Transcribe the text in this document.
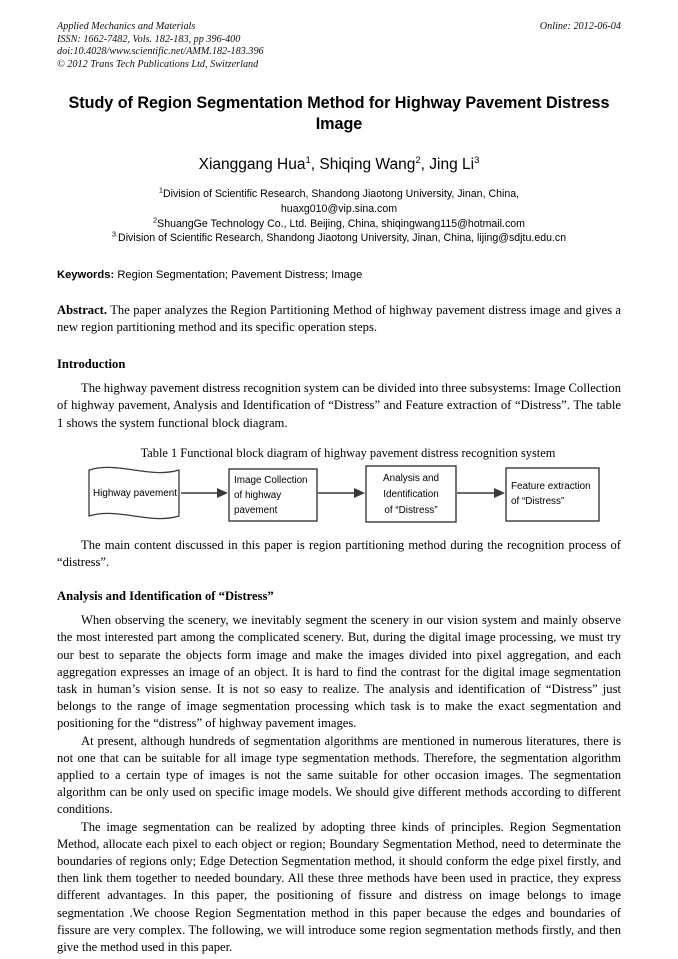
Applied Mechanics and Materials
ISSN: 1662-7482, Vols. 182-183, pp 396-400
doi:10.4028/www.scientific.net/AMM.182-183.396
© 2012 Trans Tech Publications Ltd, Switzerland
Online: 2012-06-04
Study of Region Segmentation Method for Highway Pavement Distress Image
Xianggang Hua$^1$, Shiqing Wang$^2$, Jing Li$^3$
$^1$Division of Scientific Research, Shandong Jiaotong University, Jinan, China,
huaxg010@vip.sina.com
$^2$ShuangGe Technology Co., Ltd. Beijing, China, shiqingwang115@hotmail.com
$^{3.}$Division of Scientific Research, Shandong Jiaotong University, Jinan, China, lijing@sdjtu.edu.cn
Keywords: Region Segmentation; Pavement Distress; Image
Abstract. The paper analyzes the Region Partitioning Method of highway pavement distress image and gives a new region partitioning method and its specific operation steps.
Introduction

The highway pavement distress recognition system can be divided into three subsystems: Image Collection of highway pavement, Analysis and Identification of “Distress” and Feature extraction of “Distress”. The table 1 shows the system functional block diagram.

Table 1 Functional block diagram of highway pavement distress recognition system
Highway pavement
Image Collection
of highway
pavement
Analysis and
Identification
of “Distress”
Feature extraction
of “Distress”

The main content discussed in this paper is region partitioning method during the recognition process of “distress”.

Analysis and Identification of “Distress”

When observing the scenery, we inevitably segment the scenery in our vision system and mainly observe the most interested part among the complicated scenery. But, during the digital image processing, we must try our best to separate the objects form image and make the images divided into pixel aggregation, and each aggregation expresses an image of an object. It is hard to find the contrast for the digital image segmentation task in human’s vision sense. It is not so easy to realize. The analysis and identification of “Distress” just belongs to the range of image segmentation processing which task is to make the exact segmentation and positioning for the “distress” of highway pavement images.

At present, although hundreds of segmentation algorithms are mentioned in numerous literatures, there is not one that can be suitable for all image type segmentation methods. Therefore, the segmentation algorithm applied to a certain type of images is not the same suitable for other occasion images. The segmentation algorithm can be only used on specific image models. We should give different methods according to different conditions.

The image segmentation can be realized by adopting three kinds of principles. Region Segmentation Method, allocate each pixel to each object or region; Boundary Segmentation Method, need to determinate the boundaries of regions only; Edge Detection Segmentation method, it should conform the edge pixel firstly, and then link them together to needed boundary. All these three methods have been used in practice, they express different advantages. In this paper, the positioning of fissure and distress on image belongs to image segmentation .We choose Region Segmentation method in this paper because the edges and boundaries of fissure are very complex. The following, we will introduce some region segmentation methods firstly, and then give the method used in this paper.
